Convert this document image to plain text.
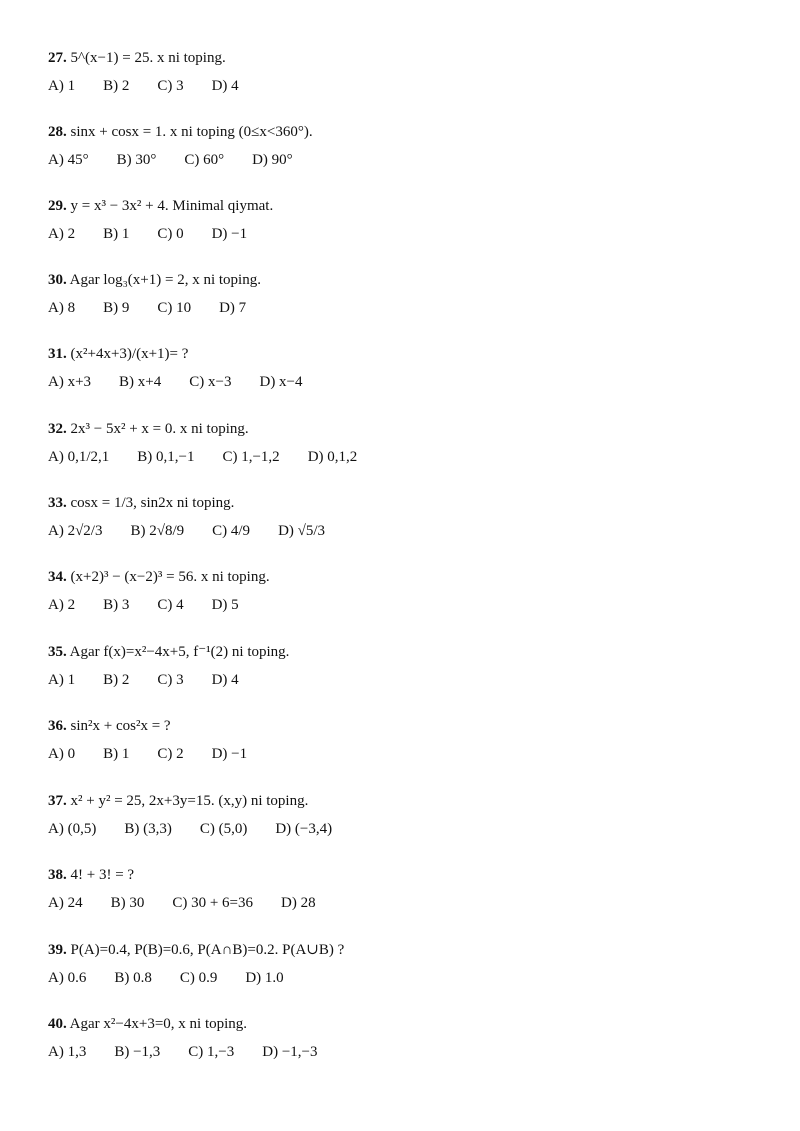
27. 5^(x−1) = 25. x ni toping.
A) 1 B) 2 C) 3 D) 4
28. sinx + cosx = 1. x ni toping (0≤x<360°).
A) 45° B) 30° C) 60° D) 90°
29. y = x³ − 3x² + 4. Minimal qiymat.
A) 2 B) 1 C) 0 D) −1
30. Agar log₃(x+1) = 2, x ni toping.
A) 8 B) 9 C) 10 D) 7
31. (x²+4x+3)/(x+1)= ?
A) x+3 B) x+4 C) x−3 D) x−4
32. 2x³ − 5x² + x = 0. x ni toping.
A) 0,1/2,1 B) 0,1,−1 C) 1,−1,2 D) 0,1,2
33. cosx = 1/3, sin2x ni toping.
A) 2√2/3 B) 2√8/9 C) 4/9 D) √5/3
34. (x+2)³ − (x−2)³ = 56. x ni toping.
A) 2 B) 3 C) 4 D) 5
35. Agar f(x)=x²−4x+5, f⁻¹(2) ni toping.
A) 1 B) 2 C) 3 D) 4
36. sin²x + cos²x = ?
A) 0 B) 1 C) 2 D) −1
37. x² + y² = 25, 2x+3y=15. (x,y) ni toping.
A) (0,5) B) (3,3) C) (5,0) D) (−3,4)
38. 4! + 3! = ?
A) 24 B) 30 C) 30 + 6=36 D) 28
39. P(A)=0.4, P(B)=0.6, P(A∩B)=0.2. P(A∪B) ?
A) 0.6 B) 0.8 C) 0.9 D) 1.0
40. Agar x²−4x+3=0, x ni toping.
A) 1,3 B) −1,3 C) 1,−3 D) −1,−3
